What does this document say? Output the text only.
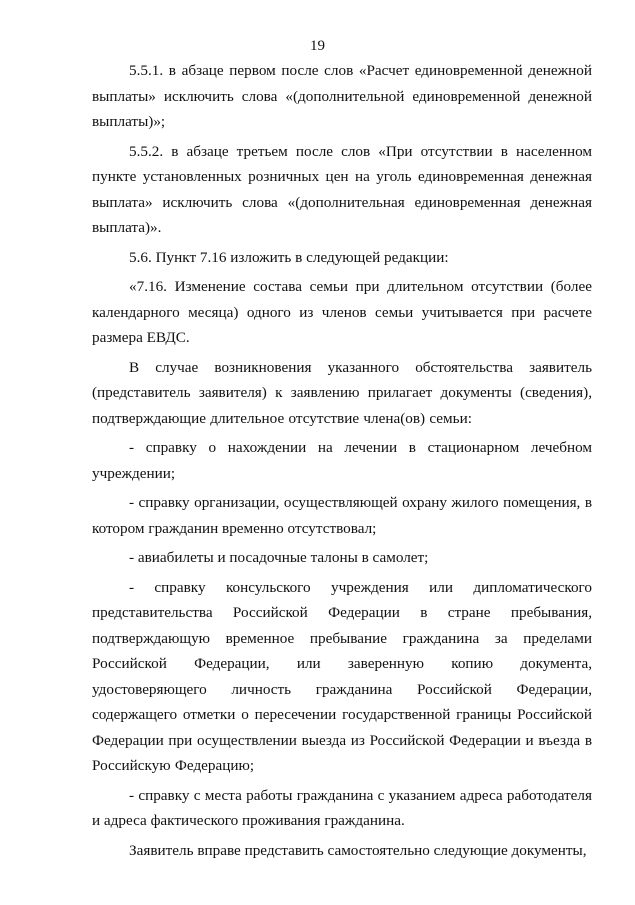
19

5.5.1. в абзаце первом после слов «Расчет единовременной денежной выплаты» исключить слова «(дополнительной единовременной денежной выплаты)»;

5.5.2. в абзаце третьем после слов «При отсутствии в населенном пункте установленных розничных цен на уголь единовременная денежная выплата» исключить слова «(дополнительная единовременная денежная выплата)».

5.6. Пункт 7.16 изложить в следующей редакции:

«7.16. Изменение состава семьи при длительном отсутствии (более календарного месяца) одного из членов семьи учитывается при расчете размера ЕВДС.

В случае возникновения указанного обстоятельства заявитель (представитель заявителя) к заявлению прилагает документы (сведения), подтверждающие длительное отсутствие члена(ов) семьи:

- справку о нахождении на лечении в стационарном лечебном учреждении;

- справку организации, осуществляющей охрану жилого помещения, в котором гражданин временно отсутствовал;

- авиабилеты и посадочные талоны в самолет;

- справку консульского учреждения или дипломатического представительства Российской Федерации в стране пребывания, подтверждающую временное пребывание гражданина за пределами Российской Федерации, или заверенную копию документа, удостоверяющего личность гражданина Российской Федерации, содержащего отметки о пересечении государственной границы Российской Федерации при осуществлении выезда из Российской Федерации и въезда в Российскую Федерацию;

- справку с места работы гражданина с указанием адреса работодателя и адреса фактического проживания гражданина.

Заявитель вправе представить самостоятельно следующие документы,
